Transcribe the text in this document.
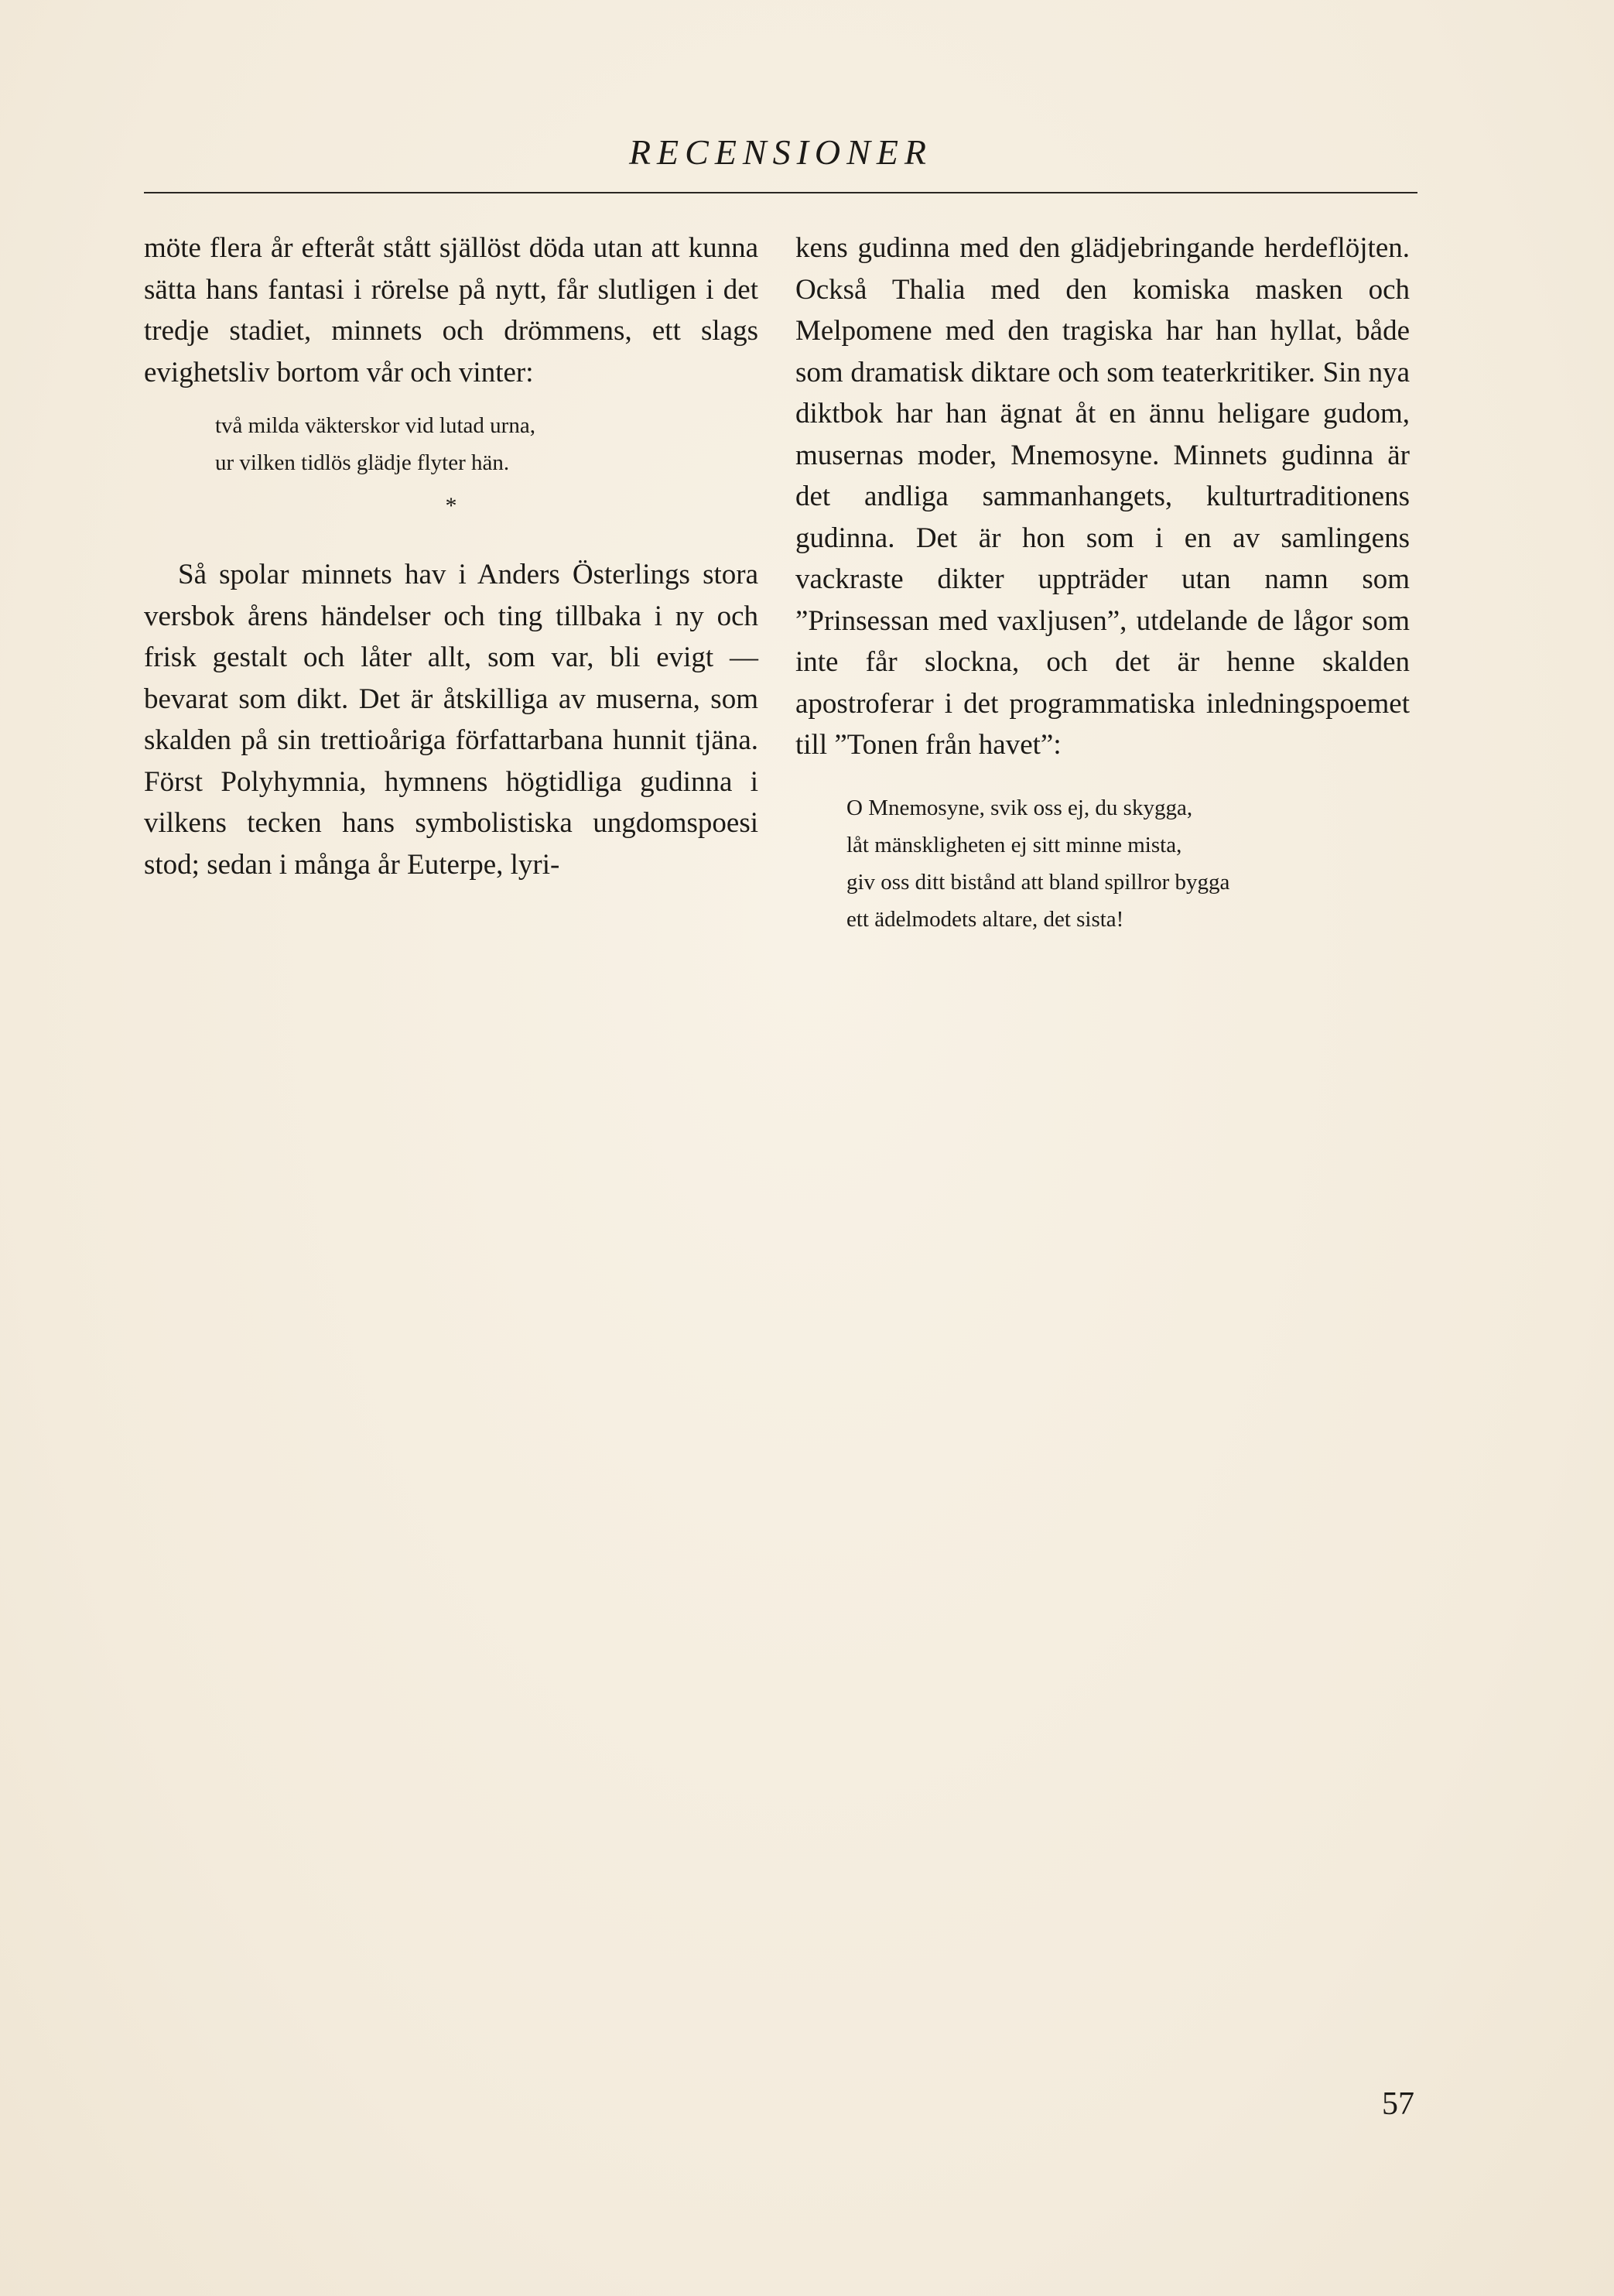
RECENSIONER

möte flera år efteråt stått själlöst döda utan att kunna sätta hans fantasi i rörelse på nytt, får slutligen i det tredje stadiet, minnets och drömmens, ett slags evighetsliv bortom vår och vinter:

två milda väkterskor vid lutad urna,
ur vilken tidlös glädje flyter hän.
*

Så spolar minnets hav i Anders Österlings stora versbok årens händelser och ting tillbaka i ny och frisk gestalt och låter allt, som var, bli evigt — bevarat som dikt. Det är åtskilliga av muserna, som skalden på sin trettioåriga författarbana hunnit tjäna. Först Polyhymnia, hymnens högtidliga gudinna i vilkens tecken hans symbolistiska ungdomspoesi stod; sedan i många år Euterpe, lyri-

kens gudinna med den glädjebringande herdeflöjten. Också Thalia med den komiska masken och Melpomene med den tragiska har han hyllat, både som dramatisk diktare och som teaterkritiker. Sin nya diktbok har han ägnat åt en ännu heligare gudom, musernas moder, Mnemosyne. Minnets gudinna är det andliga sammanhangets, kulturtraditionens gudinna. Det är hon som i en av samlingens vackraste dikter uppträder utan namn som ”Prinsessan med vaxljusen”, utdelande de lågor som inte får slockna, och det är henne skalden apostroferar i det programmatiska inledningspoemet till ”Tonen från havet”:

O Mnemosyne, svik oss ej, du skygga,
låt mänskligheten ej sitt minne mista,
giv oss ditt bistånd att bland spillror bygga
ett ädelmodets altare, det sista!
57
